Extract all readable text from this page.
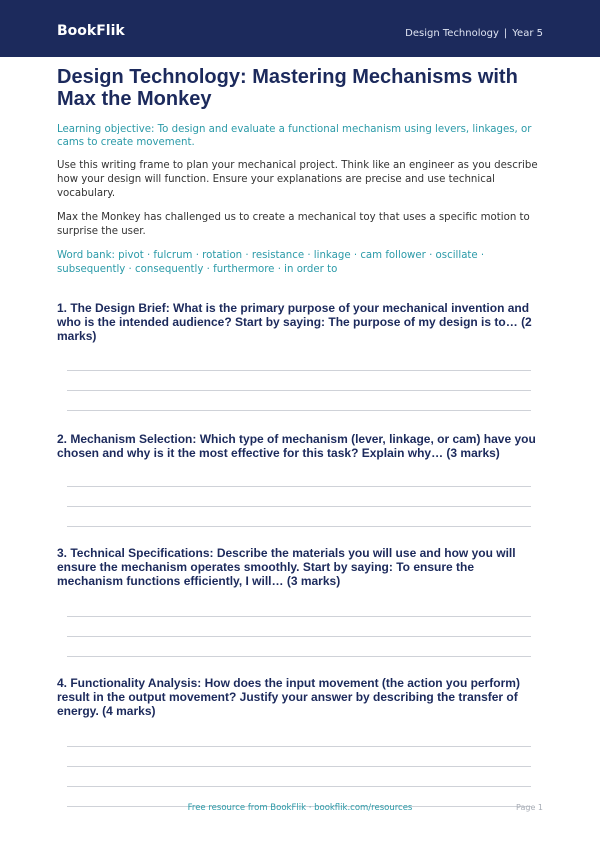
BookFlik	Design Technology | Year 5
Design Technology: Mastering Mechanisms with Max the Monkey

Learning objective: To design and evaluate a functional mechanism using levers, linkages, or cams to create movement.

Use this writing frame to plan your mechanical project. Think like an engineer as you describe how your design will function. Ensure your explanations are precise and use technical vocabulary.

Max the Monkey has challenged us to create a mechanical toy that uses a specific motion to surprise the user.

Word bank: pivot · fulcrum · rotation · resistance · linkage · cam follower · oscillate · subsequently · consequently · furthermore · in order to

1. The Design Brief: What is the primary purpose of your mechanical invention and who is the intended audience? Start by saying: The purpose of my design is to… (2 marks)

2. Mechanism Selection: Which type of mechanism (lever, linkage, or cam) have you chosen and why is it the most effective for this task? Explain why… (3 marks)

3. Technical Specifications: Describe the materials you will use and how you will ensure the mechanism operates smoothly. Start by saying: To ensure the mechanism functions efficiently, I will… (3 marks)

4. Functionality Analysis: How does the input movement (the action you perform) result in the output movement? Justify your answer by describing the transfer of energy. (4 marks)

Free resource from BookFlik · bookflik.com/resources	Page 1
